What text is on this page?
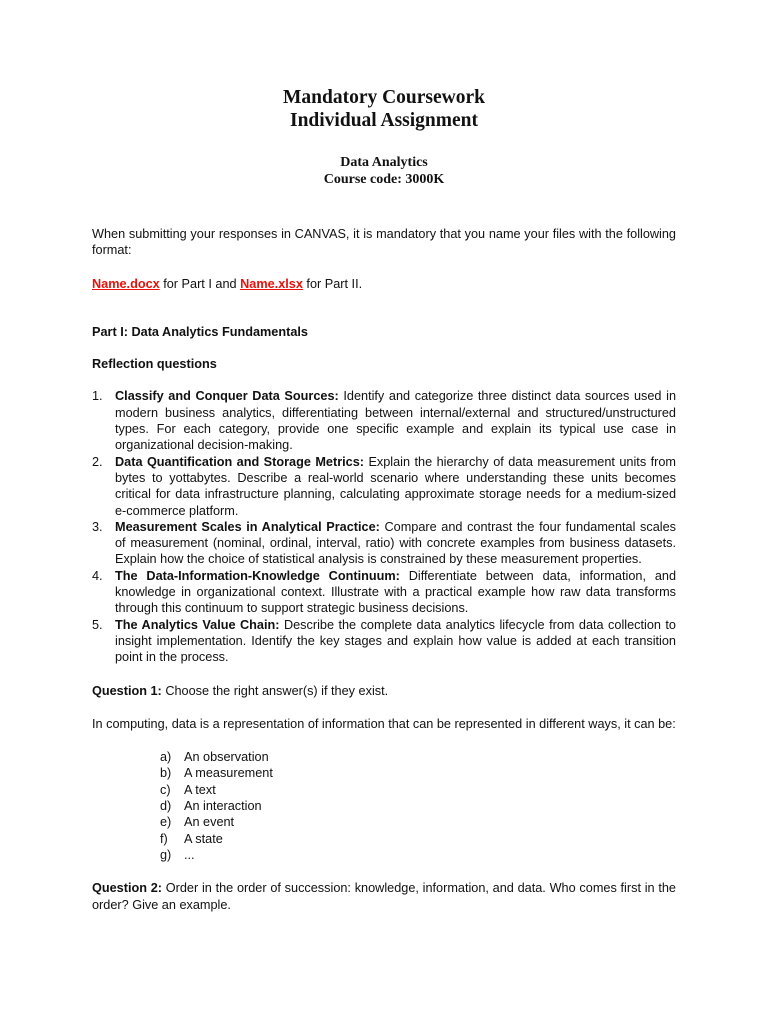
Mandatory Coursework

Individual Assignment

Data Analytics

Course code: 3000K

When submitting your responses in CANVAS, it is mandatory that you name your files with the following format:

Name.docx for Part I and Name.xlsx for Part II.

Part I: Data Analytics Fundamentals

Reflection questions

1. Classify and Conquer Data Sources: Identify and categorize three distinct data sources used in modern business analytics, differentiating between internal/external and structured/unstructured types. For each category, provide one specific example and explain its typical use case in organizational decision-making.
2. Data Quantification and Storage Metrics: Explain the hierarchy of data measurement units from bytes to yottabytes. Describe a real-world scenario where understanding these units becomes critical for data infrastructure planning, calculating approximate storage needs for a medium-sized e-commerce platform.
3. Measurement Scales in Analytical Practice: Compare and contrast the four fundamental scales of measurement (nominal, ordinal, interval, ratio) with concrete examples from business datasets. Explain how the choice of statistical analysis is constrained by these measurement properties.
4. The Data-Information-Knowledge Continuum: Differentiate between data, information, and knowledge in organizational context. Illustrate with a practical example how raw data transforms through this continuum to support strategic business decisions.
5. The Analytics Value Chain: Describe the complete data analytics lifecycle from data collection to insight implementation. Identify the key stages and explain how value is added at each transition point in the process.

Question 1: Choose the right answer(s) if they exist.

In computing, data is a representation of information that can be represented in different ways, it can be:

a) An observation
b) A measurement
c) A text
d) An interaction
e) An event
f) A state
g) ...

Question 2: Order in the order of succession: knowledge, information, and data. Who comes first in the order? Give an example.
